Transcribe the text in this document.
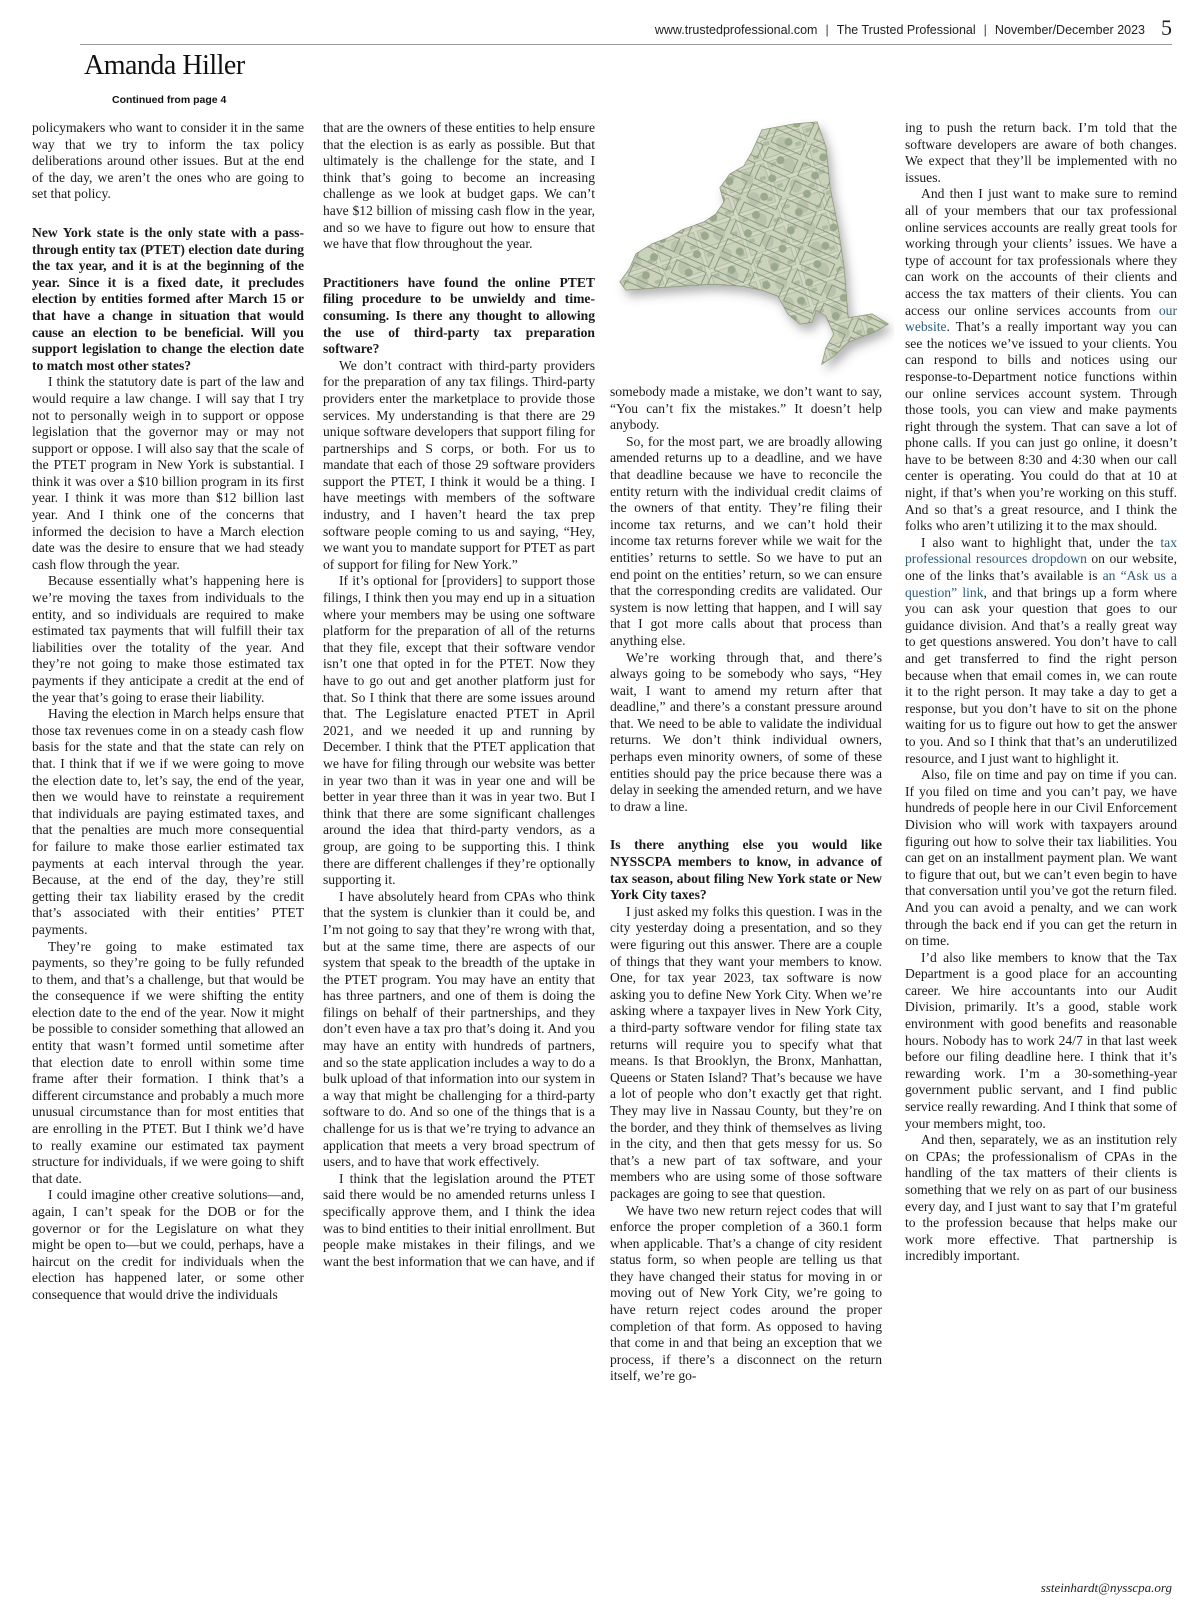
www.trustedprofessional.com | The Trusted Professional | November/December 2023 5
Amanda Hiller
Continued from page 4

policymakers who want to consider it in the same way that we try to inform the tax policy deliberations around other issues. But at the end of the day, we aren’t the ones who are going to set that policy.

New York state is the only state with a pass-through entity tax (PTET) election date during the tax year, and it is at the beginning of the year. Since it is a fixed date, it precludes election by entities formed after March 15 or that have a change in situation that would cause an election to be beneficial. Will you support legislation to change the election date to match most other states?

I think the statutory date is part of the law and would require a law change. I will say that I try not to personally weigh in to support or oppose legislation that the governor may or may not support or oppose. I will also say that the scale of the PTET program in New York is substantial. I think it was over a $10 billion program in its first year. I think it was more than $12 billion last year. And I think one of the concerns that informed the decision to have a March election date was the desire to ensure that we had steady cash flow through the year.

Because essentially what’s happening here is we’re moving the taxes from individuals to the entity, and so individuals are required to make estimated tax payments that will fulfill their tax liabilities over the totality of the year. And they’re not going to make those estimated tax payments if they anticipate a credit at the end of the year that’s going to erase their liability.

Having the election in March helps ensure that those tax revenues come in on a steady cash flow basis for the state and that the state can rely on that. I think that if we if we were going to move the election date to, let’s say, the end of the year, then we would have to reinstate a requirement that individuals are paying estimated taxes, and that the penalties are much more consequential for failure to make those earlier estimated tax payments at each interval through the year. Because, at the end of the day, they’re still getting their tax liability erased by the credit that’s associated with their entities’ PTET payments.

They’re going to make estimated tax payments, so they’re going to be fully refunded to them, and that’s a challenge, but that would be the consequence if we were shifting the entity election date to the end of the year. Now it might be possible to consider something that allowed an entity that wasn’t formed until sometime after that election date to enroll within some time frame after their formation. I think that’s a different circumstance and probably a much more unusual circumstance than for most entities that are enrolling in the PTET. But I think we’d have to really examine our estimated tax payment structure for individuals, if we were going to shift that date.

I could imagine other creative solutions—and, again, I can’t speak for the DOB or for the governor or for the Legislature on what they might be open to—but we could, perhaps, have a haircut on the credit for individuals when the election has happened later, or some other consequence that would drive the individuals

that are the owners of these entities to help ensure that the election is as early as possible. But that ultimately is the challenge for the state, and I think that’s going to become an increasing challenge as we look at budget gaps. We can’t have $12 billion of missing cash flow in the year, and so we have to figure out how to ensure that we have that flow throughout the year.

Practitioners have found the online PTET filing procedure to be unwieldy and time-consuming. Is there any thought to allowing the use of third-party tax preparation software?

We don’t contract with third-party providers for the preparation of any tax filings. Third-party providers enter the marketplace to provide those services. My understanding is that there are 29 unique software developers that support filing for partnerships and S corps, or both. For us to mandate that each of those 29 software providers support the PTET, I think it would be a thing. I have meetings with members of the software industry, and I haven’t heard the tax prep software people coming to us and saying, “Hey, we want you to mandate support for PTET as part of support for filing for New York.”

If it’s optional for [providers] to support those filings, I think then you may end up in a situation where your members may be using one software platform for the preparation of all of the returns that they file, except that their software vendor isn’t one that opted in for the PTET. Now they have to go out and get another platform just for that. So I think that there are some issues around that. The Legislature enacted PTET in April 2021, and we needed it up and running by December. I think that the PTET application that we have for filing through our website was better in year two than it was in year one and will be better in year three than it was in year two. But I think that there are some significant challenges around the idea that third-party vendors, as a group, are going to be supporting this. I think there are different challenges if they’re optionally supporting it.

I have absolutely heard from CPAs who think that the system is clunkier than it could be, and I’m not going to say that they’re wrong with that, but at the same time, there are aspects of our system that speak to the breadth of the uptake in the PTET program. You may have an entity that has three partners, and one of them is doing the filings on behalf of their partnerships, and they don’t even have a tax pro that’s doing it. And you may have an entity with hundreds of partners, and so the state application includes a way to do a bulk upload of that information into our system in a way that might be challenging for a third-party software to do. And so one of the things that is a challenge for us is that we’re trying to advance an application that meets a very broad spectrum of users, and to have that work effectively.

I think that the legislation around the PTET said there would be no amended returns unless I specifically approve them, and I think the idea was to bind entities to their initial enrollment. But people make mistakes in their filings, and we want the best information that we can have, and if

somebody made a mistake, we don’t want to say, “You can’t fix the mistakes.” It doesn’t help anybody.

So, for the most part, we are broadly allowing amended returns up to a deadline, and we have that deadline because we have to reconcile the entity return with the individual credit claims of the owners of that entity. They’re filing their income tax returns, and we can’t hold their income tax returns forever while we wait for the entities’ returns to settle. So we have to put an end point on the entities’ return, so we can ensure that the corresponding credits are validated. Our system is now letting that happen, and I will say that I got more calls about that process than anything else.

We’re working through that, and there’s always going to be somebody who says, “Hey wait, I want to amend my return after that deadline,” and there’s a constant pressure around that. We need to be able to validate the individual returns. We don’t think individual owners, perhaps even minority owners, of some of these entities should pay the price because there was a delay in seeking the amended return, and we have to draw a line.

Is there anything else you would like NYSSCPA members to know, in advance of tax season, about filing New York state or New York City taxes?

I just asked my folks this question. I was in the city yesterday doing a presentation, and so they were figuring out this answer. There are a couple of things that they want your members to know. One, for tax year 2023, tax software is now asking you to define New York City. When we’re asking where a taxpayer lives in New York City, a third-party software vendor for filing state tax returns will require you to specify what that means. Is that Brooklyn, the Bronx, Manhattan, Queens or Staten Island? That’s because we have a lot of people who don’t exactly get that right. They may live in Nassau County, but they’re on the border, and they think of themselves as living in the city, and then that gets messy for us. So that’s a new part of tax software, and your members who are using some of those software packages are going to see that question.

We have two new return reject codes that will enforce the proper completion of a 360.1 form when applicable. That’s a change of city resident status form, so when people are telling us that they have changed their status for moving in or moving out of New York City, we’re going to have return reject codes around the proper completion of that form. As opposed to having that come in and that being an exception that we process, if there’s a disconnect on the return itself, we’re go-

ing to push the return back. I’m told that the software developers are aware of both changes. We expect that they’ll be implemented with no issues.

And then I just want to make sure to remind all of your members that our tax professional online services accounts are really great tools for working through your clients’ issues. We have a type of account for tax professionals where they can work on the accounts of their clients and access the tax matters of their clients. You can access our online services accounts from our website. That’s a really important way you can see the notices we’ve issued to your clients. You can respond to bills and notices using our response-to-Department notice functions within our online services account system. Through those tools, you can view and make payments right through the system. That can save a lot of phone calls. If you can just go online, it doesn’t have to be between 8:30 and 4:30 when our call center is operating. You could do that at 10 at night, if that’s when you’re working on this stuff. And so that’s a great resource, and I think the folks who aren’t utilizing it to the max should.

I also want to highlight that, under the tax professional resources dropdown on our website, one of the links that’s available is an “Ask us a question” link, and that brings up a form where you can ask your question that goes to our guidance division. And that’s a really great way to get questions answered. You don’t have to call and get transferred to find the right person because when that email comes in, we can route it to the right person. It may take a day to get a response, but you don’t have to sit on the phone waiting for us to figure out how to get the answer to you. And so I think that that’s an underutilized resource, and I just want to highlight it.

Also, file on time and pay on time if you can. If you filed on time and you can’t pay, we have hundreds of people here in our Civil Enforcement Division who will work with taxpayers around figuring out how to solve their tax liabilities. You can get on an installment payment plan. We want to figure that out, but we can’t even begin to have that conversation until you’ve got the return filed. And you can avoid a penalty, and we can work through the back end if you can get the return in on time.

I’d also like members to know that the Tax Department is a good place for an accounting career. We hire accountants into our Audit Division, primarily. It’s a good, stable work environment with good benefits and reasonable hours. Nobody has to work 24/7 in that last week before our filing deadline here. I think that it’s rewarding work. I’m a 30-something-year government public servant, and I find public service really rewarding. And I think that some of your members might, too.

And then, separately, we as an institution rely on CPAs; the professionalism of CPAs in the handling of the tax matters of their clients is something that we rely on as part of our business every day, and I just want to say that I’m grateful to the profession because that helps make our work more effective. That partnership is incredibly important.

ssteinhardt@nysscpa.org
